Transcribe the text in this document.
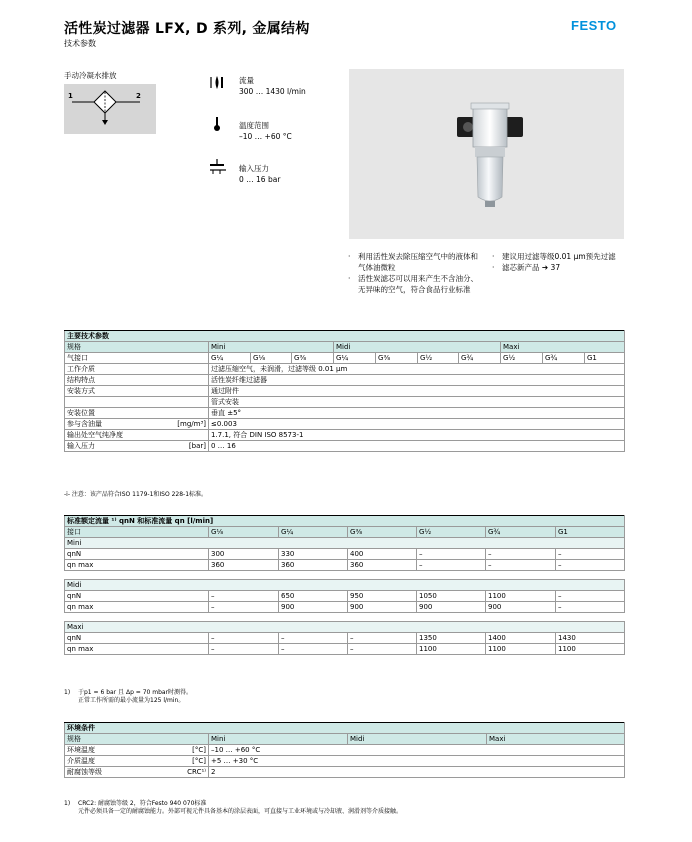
活性炭过滤器 LFX, D 系列, 金属结构
技术参数
FESTO
手动冷凝水排放
1	2
流量
300 … 1430 l/min
温度范围
–10 … +60 °C
输入压力
0 … 16 bar
· 利用活性炭去除压缩空气中的液体和气体油微粒
· 活性炭滤芯可以用来产生不含油分、无异味的空气，符合食品行业标准
· 建议用过滤等级0.01 μm预先过滤
· 滤芯新产品 ➔ 37
主要技术参数										
规格	Mini			Midi				Maxi		
气接口	G¼	G⅛	G⅜	G¼	G⅜	G½	G¾	G½	G¾	G1
工作介质	过滤压缩空气，未润滑，过滤等级 0.01 μm									
结构特点	活性炭纤维过滤器									
安装方式	通过附件									

	管式安装									
安装位置	垂直 ±5°									
参与含油量 [mg/m³]	≤0.003									
输出处空气纯净度	1.7.1, 符合 DIN ISO 8573-1									
输入压力 [bar]	0 … 16									
-i- 注意：该产品符合ISO 1179-1和ISO 228-1标准。
标准额定流量 ¹⁾ qnN 和标准流量 qn [l/min]						
接口	G⅛	G¼	G⅜	G½	G¾	G1
Mini						
qnN	300	330	400	–	–	–
qn max	360	360	360	–	–	–

Midi						
qnN	–	650	950	1050	1100	–
qn max	–	900	900	900	900	–

Maxi						
qnN	–	–	–	1350	1400	1430
qn max	–	–	–	1100	1100	1100
1) 于p1 = 6 bar 且 Δp = 70 mbar时测得。
正常工作所需的最小流量为125 l/min。
环境条件			
规格	Mini	Midi	Maxi
环境温度 [°C]	–10 … +60 °C		
介质温度 [°C]	+5 … +30 °C		
耐腐蚀等级 CRC¹⁾	2		
1) CRC2: 耐腐蚀等级 2，符合Festo 940 070标准
元件必须具备一定的耐腐蚀能力。外部可视元件具备基本的涂层表面，可直接与工业环境或与冷却液、润滑剂等介质接触。
